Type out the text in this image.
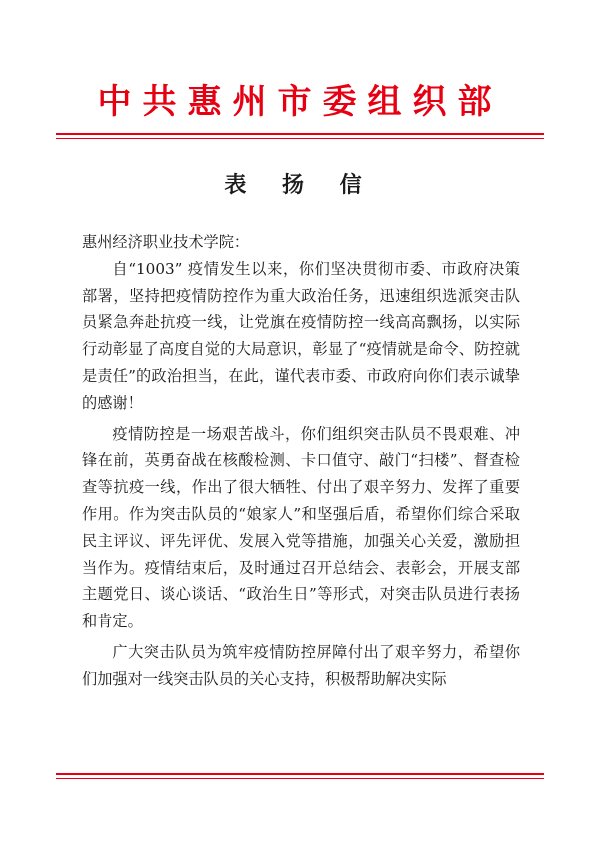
中共惠州市委组织部
表 扬 信

惠州经济职业技术学院：

自“1003” 疫情发生以来，你们坚决贯彻市委、市政府决策部署，坚持把疫情防控作为重大政治任务，迅速组织选派突击队员紧急奔赴抗疫一线，让党旗在疫情防控一线高高飘扬，以实际行动彰显了高度自觉的大局意识，彰显了“疫情就是命令、防控就是责任”的政治担当，在此，谨代表市委、市政府向你们表示诚挚的感谢！

疫情防控是一场艰苦战斗，你们组织突击队员不畏艰难、冲锋在前，英勇奋战在核酸检测、卡口值守、敲门“扫楼”、督查检查等抗疫一线，作出了很大牺牲、付出了艰辛努力、发挥了重要作用。作为突击队员的“娘家人”和坚强后盾，希望你们综合采取民主评议、评先评优、发展入党等措施，加强关心关爱，激励担当作为。疫情结束后，及时通过召开总结会、表彰会，开展支部主题党日、谈心谈话、“政治生日”等形式，对突击队员进行表扬和肯定。

广大突击队员为筑牢疫情防控屏障付出了艰辛努力，希望你们加强对一线突击队员的关心支持，积极帮助解决实际
